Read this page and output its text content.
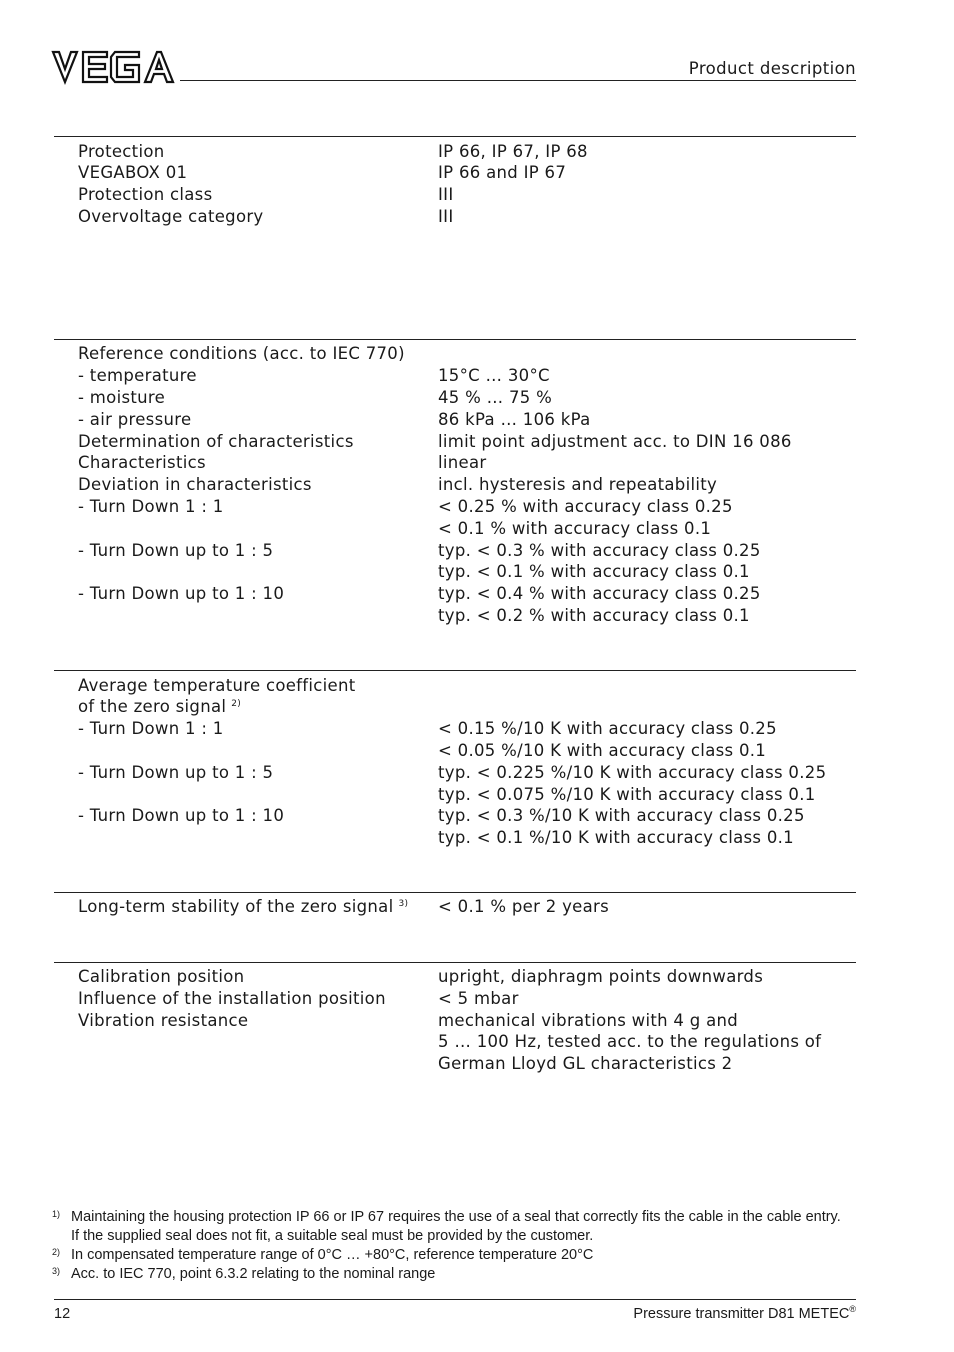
Product description
Protection	IP 66, IP 67, IP 68
VEGABOX 01	IP 66 and IP 67
Protection class	III
Overvoltage category	III
Reference conditions (acc. to IEC 770)
- temperature	15°C … 30°C
- moisture	45 % … 75 %
- air pressure	86 kPa … 106 kPa
Determination of characteristics	limit point adjustment acc. to DIN 16 086
Characteristics	linear
Deviation in characteristics	incl. hysteresis and repeatability
- Turn Down 1 : 1	< 0.25 % with accuracy class 0.25
< 0.1 % with accuracy class 0.1
- Turn Down up to 1 : 5	typ. < 0.3 % with accuracy class 0.25
typ. < 0.1 % with accuracy class 0.1
- Turn Down up to 1 : 10	typ. < 0.4 % with accuracy class 0.25
typ. < 0.2 % with accuracy class 0.1
Average temperature coefficient
of the zero signal $^{2)}$
- Turn Down 1 : 1	< 0.15 %/10 K with accuracy class 0.25
< 0.05 %/10 K with accuracy class 0.1
- Turn Down up to 1 : 5	typ. < 0.225 %/10 K with accuracy class 0.25
typ. < 0.075 %/10 K with accuracy class 0.1
- Turn Down up to 1 : 10	typ. < 0.3 %/10 K with accuracy class 0.25
typ. < 0.1 %/10 K with accuracy class 0.1
Long-term stability of the zero signal $^{3)}$ < 0.1 % per 2 years
Calibration position	upright, diaphragm points downwards
Influence of the installation position	< 5 mbar
Vibration resistance	mechanical vibrations with 4 g and
5 … 100 Hz, tested acc. to the regulations of
German Lloyd GL characteristics 2
1) Maintaining the housing protection IP 66 or IP 67 requires the use of a seal that correctly fits the cable in the cable entry. If the supplied seal does not fit, a suitable seal must be provided by the customer.
2) In compensated temperature range of 0°C … +80°C, reference temperature 20°C
3) Acc. to IEC 770, point 6.3.2 relating to the nominal range
12	Pressure transmitter D81 METEC®
